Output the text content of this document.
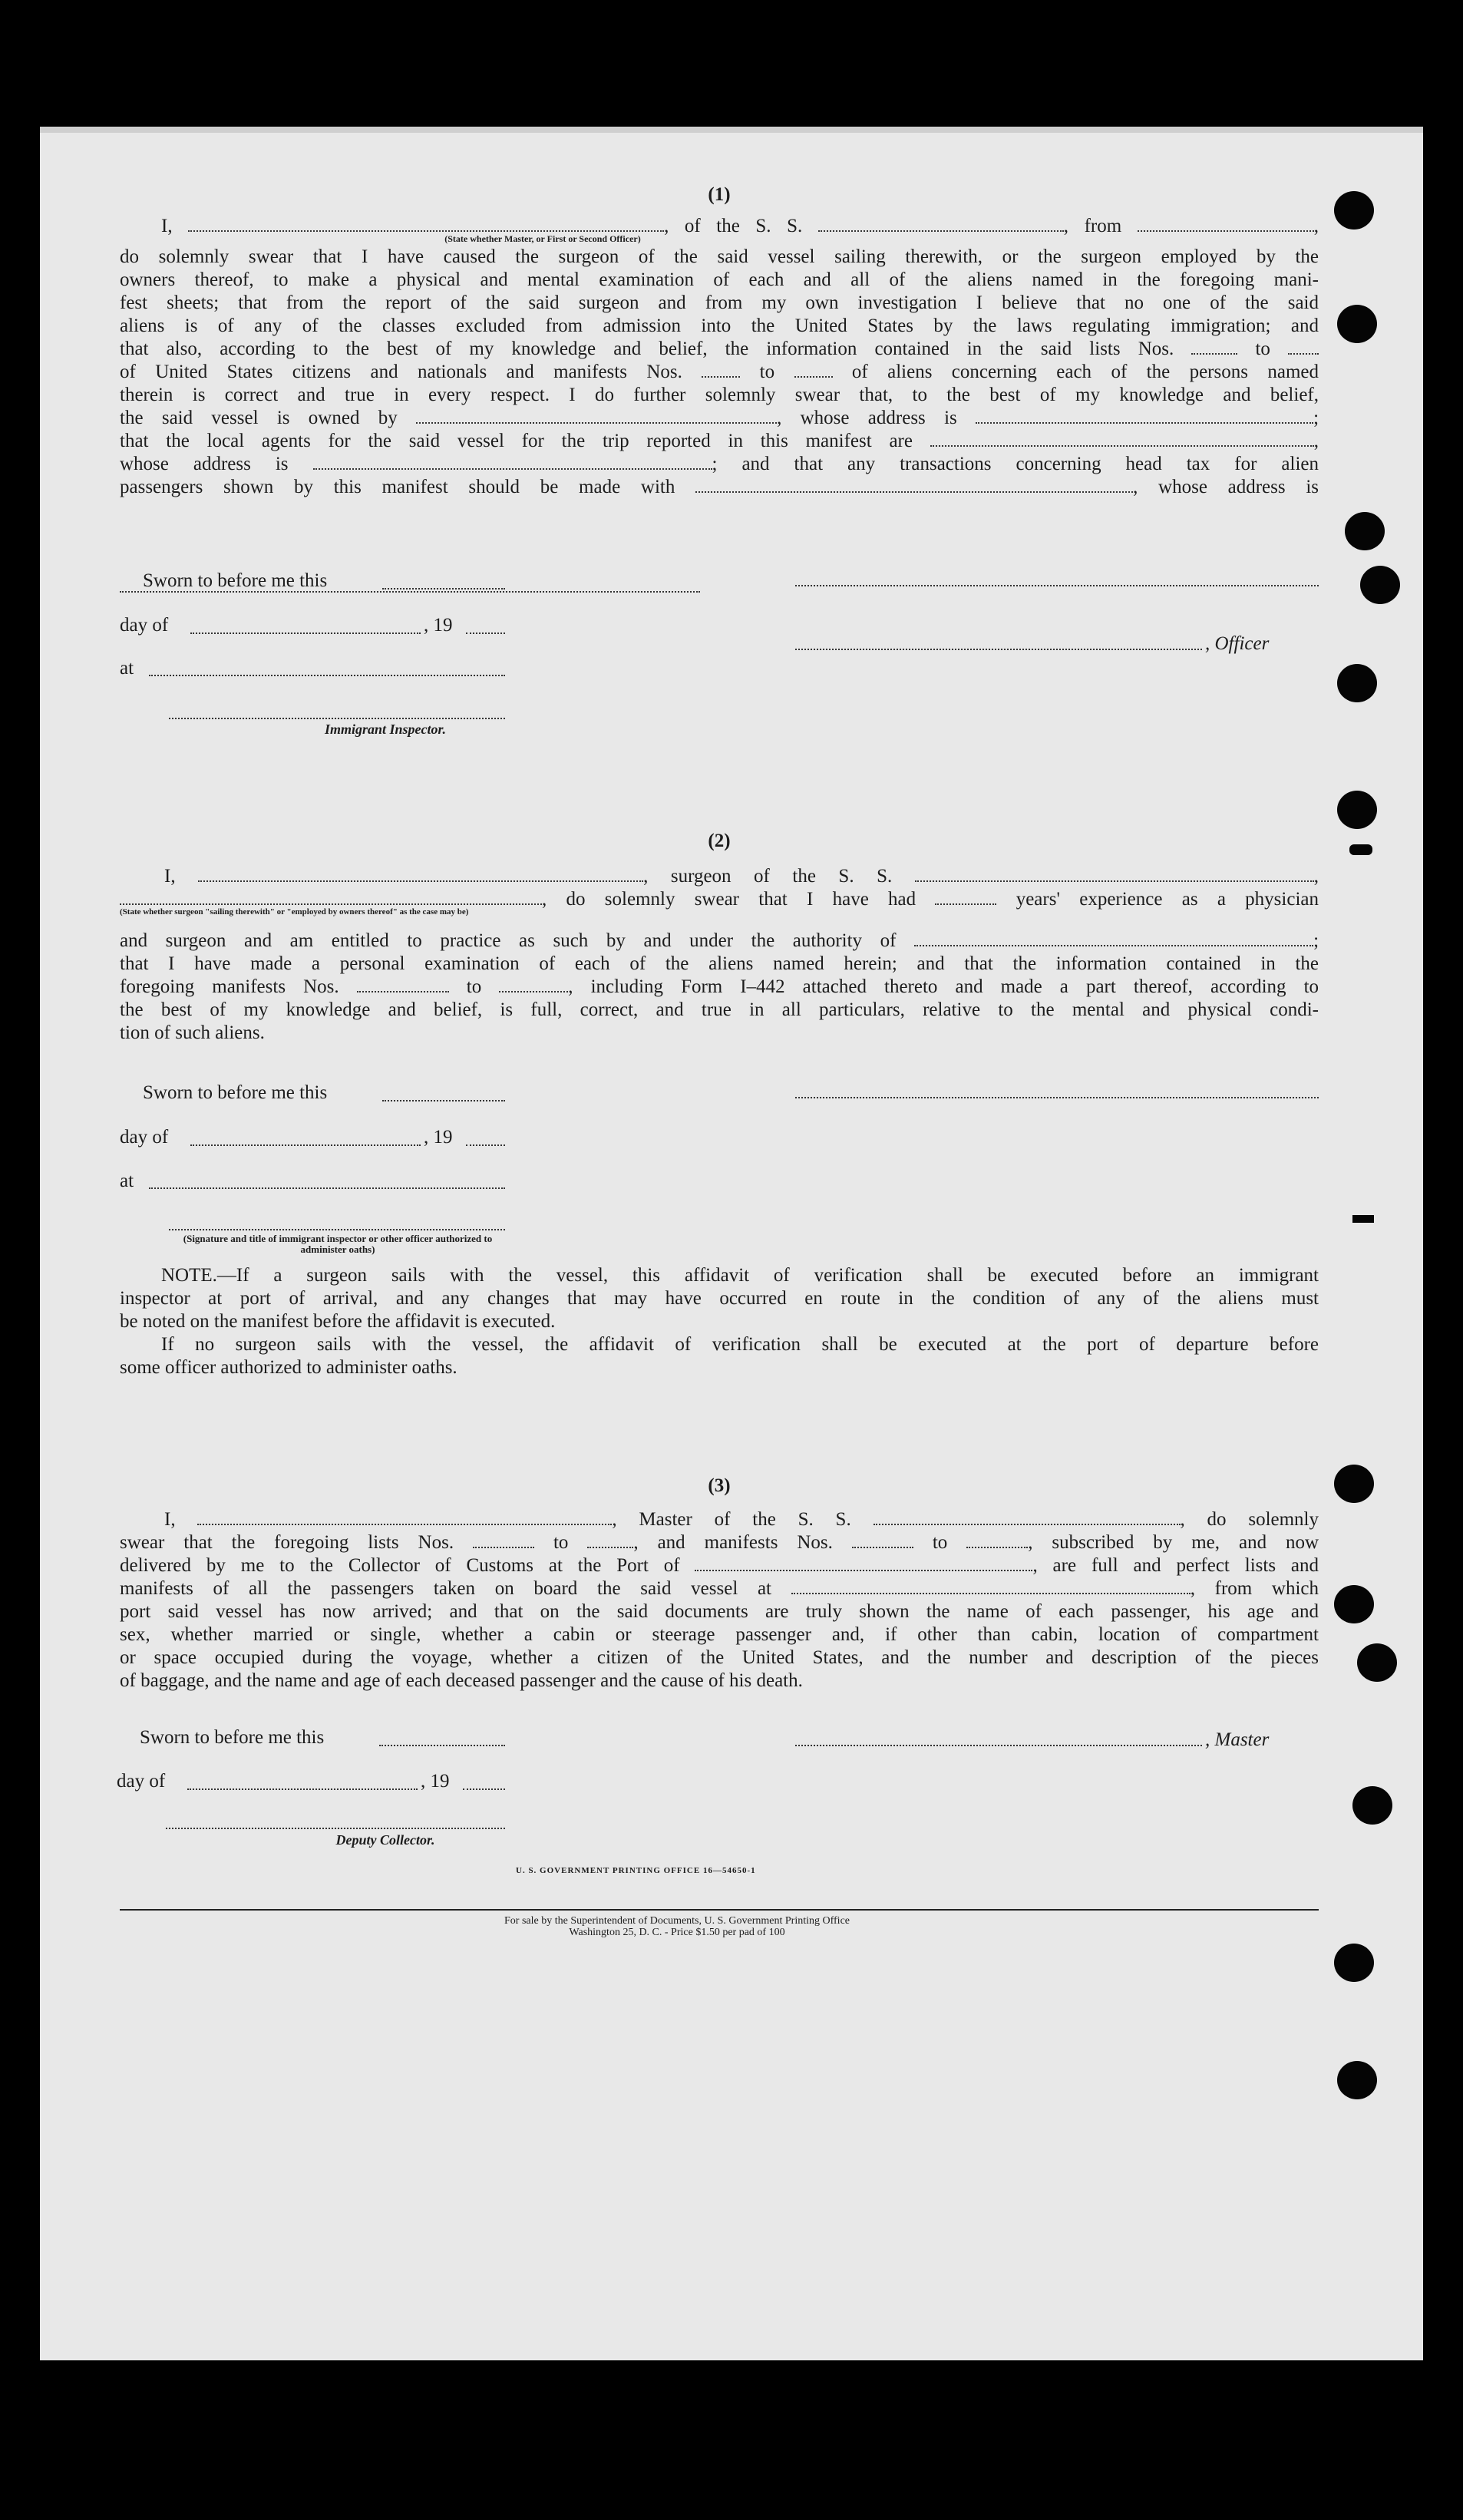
(1)
I,	, of the S. S.	, from	,
(State whether Master, or First or Second Officer)
do solemnly swear that I have caused the surgeon of the said vessel sailing therewith, or the surgeon employed by the
owners thereof, to make a physical and mental examination of each and all of the aliens named in the foregoing mani-
fest sheets; that from the report of the said surgeon and from my own investigation I believe that no one of the said
aliens is of any of the classes excluded from admission into the United States by the laws regulating immigration; and
that also, according to the best of my knowledge and belief, the information contained in the said lists Nos.	to
of United States citizens and nationals and manifests Nos.	to	of aliens concerning each of the persons named
therein is correct and true in every respect. I do further solemnly swear that, to the best of my knowledge and belief,
the said vessel is owned by	, whose address is	;
that the local agents for the said vessel for the trip reported in this manifest are	,
whose address is	; and that any transactions concerning head tax for alien
passengers shown by this manifest should be made with	, whose address is
Sworn to before me this
day of	, 19
, Officer
at
Immigrant Inspector.
(2)
I,	, surgeon of the S. S.	,
, do solemnly swear that I have had	years' experience as a physician
(State whether surgeon "sailing therewith" or "employed by owners thereof" as the case may be)
and surgeon and am entitled to practice as such by and under the authority of	;
that I have made a personal examination of each of the aliens named herein; and that the information contained in the
foregoing manifests Nos.	to	, including Form I–442 attached thereto and made a part thereof, according to
the best of my knowledge and belief, is full, correct, and true in all particulars, relative to the mental and physical condi-
tion of such aliens.
Sworn to before me this
day of	, 19
at
(Signature and title of immigrant inspector or other officer authorized to administer oaths)
NOTE.—If a surgeon sails with the vessel, this affidavit of verification shall be executed before an immigrant
inspector at port of arrival, and any changes that may have occurred en route in the condition of any of the aliens must
be noted on the manifest before the affidavit is executed.
If no surgeon sails with the vessel, the affidavit of verification shall be executed at the port of departure before
some officer authorized to administer oaths.
(3)
I,	, Master of the S. S.	, do solemnly
swear that the foregoing lists Nos.	to	, and manifests Nos.	to	, subscribed by me, and now
delivered by me to the Collector of Customs at the Port of	, are full and perfect lists and
manifests of all the passengers taken on board the said vessel at	, from which
port said vessel has now arrived; and that on the said documents are truly shown the name of each passenger, his age and
sex, whether married or single, whether a cabin or steerage passenger and, if other than cabin, location of compartment
or space occupied during the voyage, whether a citizen of the United States, and the number and description of the pieces
of baggage, and the name and age of each deceased passenger and the cause of his death.
Sworn to before me this	, Master
day of	, 19
Deputy Collector.
U. S. GOVERNMENT PRINTING OFFICE 16—54650-1
For sale by the Superintendent of Documents, U. S. Government Printing Office
Washington 25, D. C. - Price $1.50 per pad of 100
